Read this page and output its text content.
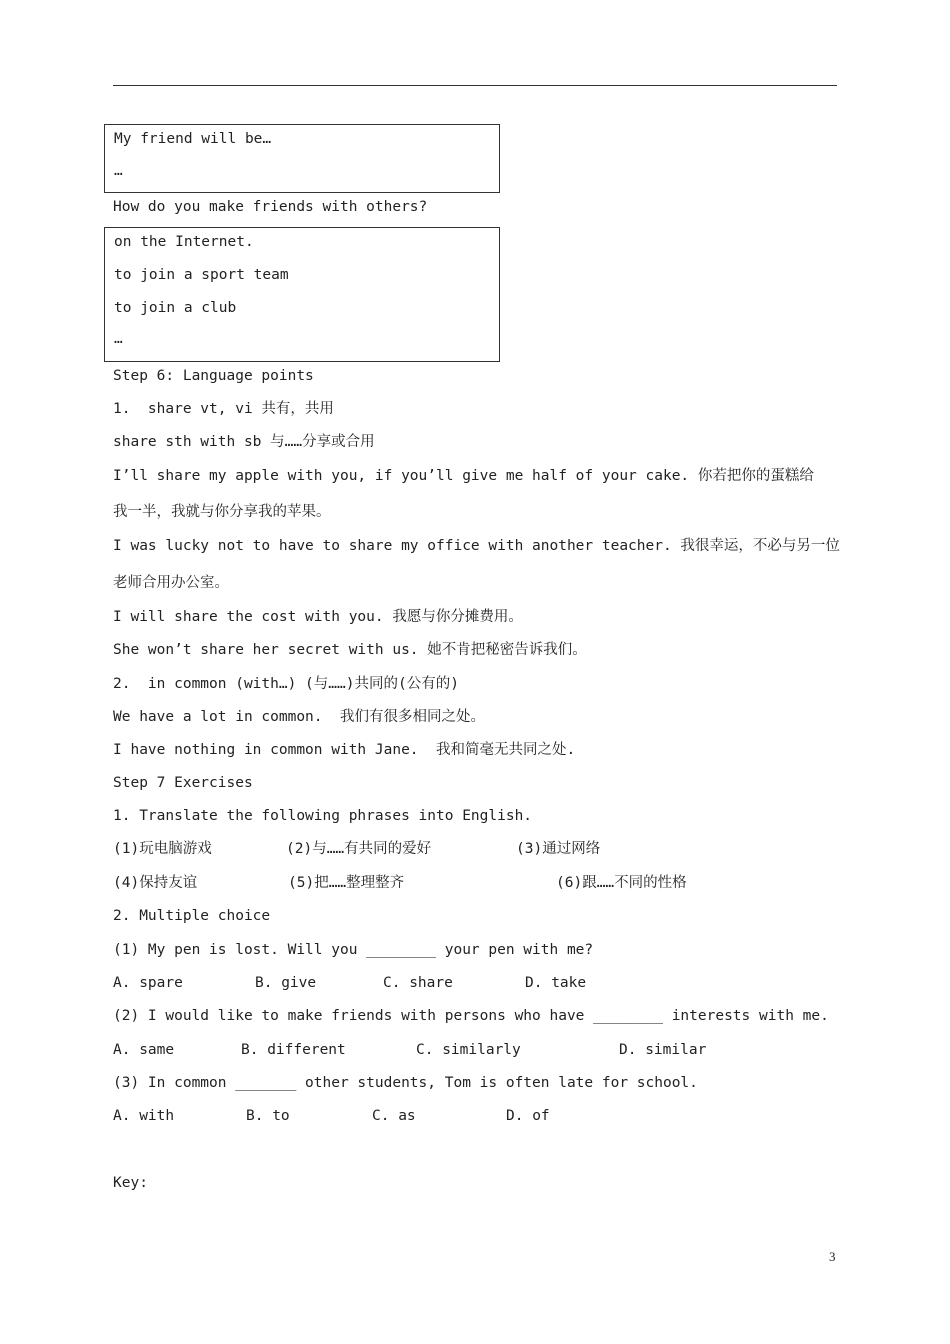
My friend will be…
…
How do you make friends with others?
on the Internet.
to join a sport team
to join a club
…
Step 6: Language points
1.  share vt, vi 共有，共用
share sth with sb 与……分享或合用
I’ll share my apple with you, if you’ll give me half of your cake. 你若把你的蛋糕给
我一半，我就与你分享我的苹果。
I was lucky not to have to share my office with another teacher. 我很幸运，不必与另一位
老师合用办公室。
I will share the cost with you. 我愿与你分摊费用。
She won’t share her secret with us. 她不肯把秘密告诉我们。
2.  in common (with…) (与……)共同的(公有的)
We have a lot in common.  我们有很多相同之处。
I have nothing in common with Jane.  我和简毫无共同之处.
Step 7 Exercises
1. Translate the following phrases into English.
(1)玩电脑游戏	(2)与……有共同的爱好	(3)通过网络
(4)保持友谊	(5)把……整理整齐	(6)跟……不同的性格
2. Multiple choice
(1) My pen is lost. Will you ________ your pen with me?
A. spare	B. give	C. share	D. take
(2) I would like to make friends with persons who have ________ interests with me.
A. same	B. different	C. similarly	D. similar
(3) In common _______ other students, Tom is often late for school.
A. with	B. to	C. as	D. of
Key:
3
